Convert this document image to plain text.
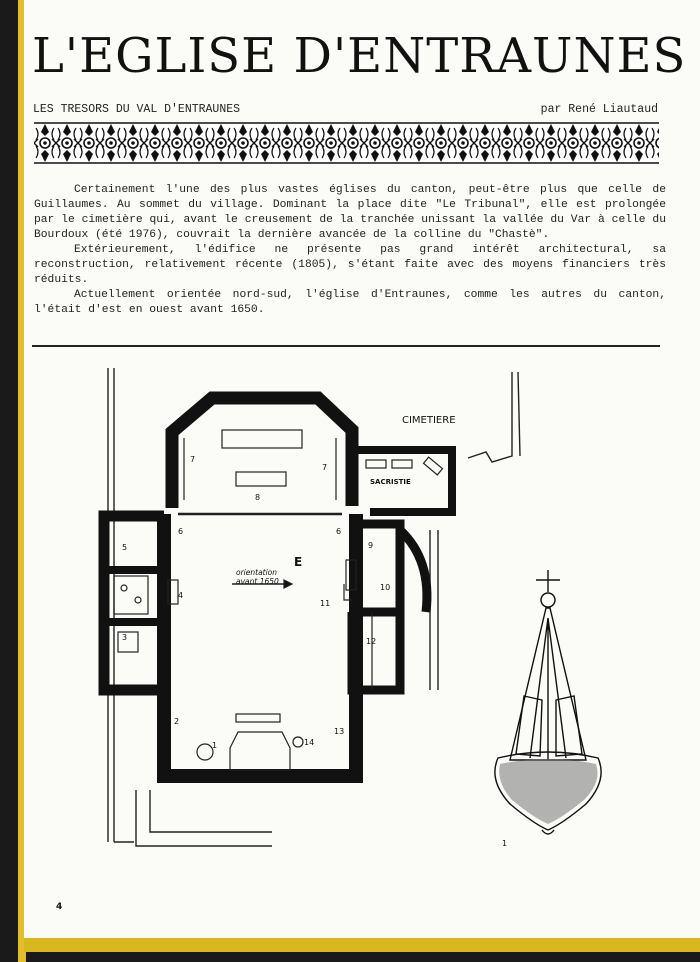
L'EGLISE D'ENTRAUNES
LES TRESORS DU VAL D'ENTRAUNES	par René Liautaud

Certainement l'une des plus vastes églises du canton, peut-être plus que celle de Guillaumes. Au sommet du village. Dominant la place dite "Le Tribunal", elle est prolongée par le cimetière qui, avant le creusement de la tranchée unissant la vallée du Var à celle du Bourdoux (été 1976), couvrait la dernière avancée de la colline du "Chastè".

Extérieurement, l'édifice ne présente pas grand intérêt architectural, sa reconstruction, relativement récente (1805), s'étant faite avec des moyens financiers très réduits.

Actuellement orientée nord-sud, l'église d'Entraunes, comme les autres du canton, l'était d'est en ouest avant 1650.

CIMETIERE
SACRISTIE
E
orientation
avant 1650
7
7
8
6	6
5
4
3
2
1	14
13
11
9
10
12
1
4
